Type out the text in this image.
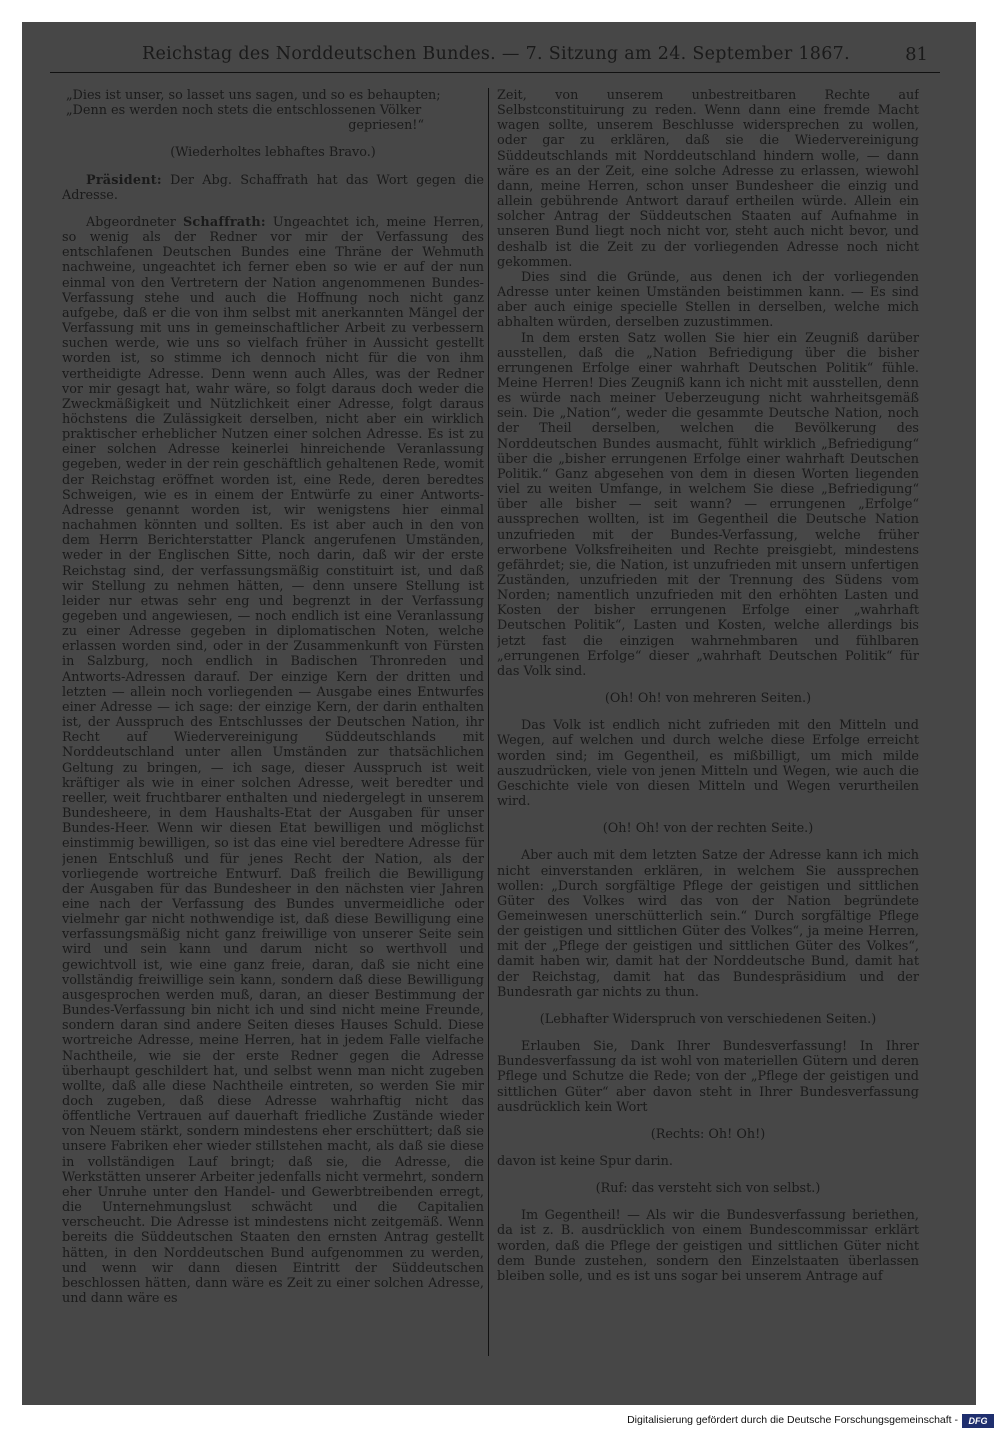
Reichstag des Norddeutschen Bundes. — 7. Sitzung am 24. September 1867.	81

„Dies ist unser, so lasset uns sagen, und so es behaupten;

„Denn es werden noch stets die entschlossenen Völker

gepriesen!“

(Wiederholtes lebhaftes Bravo.)

Präsident: Der Abg. Schaffrath hat das Wort gegen die Adresse.

Abgeordneter Schaffrath: Ungeachtet ich, meine Herren, so wenig als der Redner vor mir der Verfassung des entschlafenen Deutschen Bundes eine Thräne der Wehmuth nachweine, ungeachtet ich ferner eben so wie er auf der nun einmal von den Vertretern der Nation angenommenen Bundes-Verfassung stehe und auch die Hoffnung noch nicht ganz aufgebe, daß er die von ihm selbst mit anerkannten Mängel der Verfassung mit uns in gemeinschaftlicher Arbeit zu verbessern suchen werde, wie uns so vielfach früher in Aussicht gestellt worden ist, so stimme ich dennoch nicht für die von ihm vertheidigte Adresse. Denn wenn auch Alles, was der Redner vor mir gesagt hat, wahr wäre, so folgt daraus doch weder die Zweckmäßigkeit und Nützlichkeit einer Adresse, folgt daraus höchstens die Zulässigkeit derselben, nicht aber ein wirklich praktischer erheblicher Nutzen einer solchen Adresse. Es ist zu einer solchen Adresse keinerlei hinreichende Veranlassung gegeben, weder in der rein geschäftlich gehaltenen Rede, womit der Reichstag eröffnet worden ist, eine Rede, deren beredtes Schweigen, wie es in einem der Entwürfe zu einer Antworts-Adresse genannt worden ist, wir wenigstens hier einmal nachahmen könnten und sollten. Es ist aber auch in den von dem Herrn Berichterstatter Planck angerufenen Umständen, weder in der Englischen Sitte, noch darin, daß wir der erste Reichstag sind, der verfassungsmäßig constituirt ist, und daß wir Stellung zu nehmen hätten, — denn unsere Stellung ist leider nur etwas sehr eng und begrenzt in der Verfassung gegeben und angewiesen, — noch endlich ist eine Veranlassung zu einer Adresse gegeben in diplomatischen Noten, welche erlassen worden sind, oder in der Zusammenkunft von Fürsten in Salzburg, noch endlich in Badischen Thronreden und Antworts-Adressen darauf. Der einzige Kern der dritten und letzten — allein noch vorliegenden — Ausgabe eines Entwurfes einer Adresse — ich sage: der einzige Kern, der darin enthalten ist, der Ausspruch des Entschlusses der Deutschen Nation, ihr Recht auf Wiedervereinigung Süddeutschlands mit Norddeutschland unter allen Umständen zur thatsächlichen Geltung zu bringen, — ich sage, dieser Ausspruch ist weit kräftiger als wie in einer solchen Adresse, weit beredter und reeller, weit fruchtbarer enthalten und niedergelegt in unserem Bundesheere, in dem Haushalts-Etat der Ausgaben für unser Bundes-Heer. Wenn wir diesen Etat bewilligen und möglichst einstimmig bewilligen, so ist das eine viel beredtere Adresse für jenen Entschluß und für jenes Recht der Nation, als der vorliegende wortreiche Entwurf. Daß freilich die Bewilligung der Ausgaben für das Bundesheer in den nächsten vier Jahren eine nach der Verfassung des Bundes unvermeidliche oder vielmehr gar nicht nothwendige ist, daß diese Bewilligung eine verfassungsmäßig nicht ganz freiwillige von unserer Seite sein wird und sein kann und darum nicht so werthvoll und gewichtvoll ist, wie eine ganz freie, daran, daß sie nicht eine vollständig freiwillige sein kann, sondern daß diese Bewilligung ausgesprochen werden muß, daran, an dieser Bestimmung der Bundes-Verfassung bin nicht ich und sind nicht meine Freunde, sondern daran sind andere Seiten dieses Hauses Schuld. Diese wortreiche Adresse, meine Herren, hat in jedem Falle vielfache Nachtheile, wie sie der erste Redner gegen die Adresse überhaupt geschildert hat, und selbst wenn man nicht zugeben wollte, daß alle diese Nachtheile eintreten, so werden Sie mir doch zugeben, daß diese Adresse wahrhaftig nicht das öffentliche Vertrauen auf dauerhaft friedliche Zustände wieder von Neuem stärkt, sondern mindestens eher erschüttert; daß sie unsere Fabriken eher wieder stillstehen macht, als daß sie diese in vollständigen Lauf bringt; daß sie, die Adresse, die Werkstätten unserer Arbeiter jedenfalls nicht vermehrt, sondern eher Unruhe unter den Handel- und Gewerbtreibenden erregt, die Unternehmungslust schwächt und die Capitalien verscheucht. Die Adresse ist mindestens nicht zeitgemäß. Wenn bereits die Süddeutschen Staaten den ernsten Antrag gestellt hätten, in den Norddeutschen Bund aufgenommen zu werden, und wenn wir dann diesen Eintritt der Süddeutschen beschlossen hätten, dann wäre es Zeit zu einer solchen Adresse, und dann wäre es

Zeit, von unserem unbestreitbaren Rechte auf Selbstconstituirung zu reden. Wenn dann eine fremde Macht wagen sollte, unserem Beschlusse widersprechen zu wollen, oder gar zu erklären, daß sie die Wiedervereinigung Süddeutschlands mit Norddeutschland hindern wolle, — dann wäre es an der Zeit, eine solche Adresse zu erlassen, wiewohl dann, meine Herren, schon unser Bundesheer die einzig und allein gebührende Antwort darauf ertheilen würde. Allein ein solcher Antrag der Süddeutschen Staaten auf Aufnahme in unseren Bund liegt noch nicht vor, steht auch nicht bevor, und deshalb ist die Zeit zu der vorliegenden Adresse noch nicht gekommen.

Dies sind die Gründe, aus denen ich der vorliegenden Adresse unter keinen Umständen beistimmen kann. — Es sind aber auch einige specielle Stellen in derselben, welche mich abhalten würden, derselben zuzustimmen.

In dem ersten Satz wollen Sie hier ein Zeugniß darüber ausstellen, daß die „Nation Befriedigung über die bisher errungenen Erfolge einer wahrhaft Deutschen Politik“ fühle. Meine Herren! Dies Zeugniß kann ich nicht mit ausstellen, denn es würde nach meiner Ueberzeugung nicht wahrheitsgemäß sein. Die „Nation“, weder die gesammte Deutsche Nation, noch der Theil derselben, welchen die Bevölkerung des Norddeutschen Bundes ausmacht, fühlt wirklich „Befriedigung“ über die „bisher errungenen Erfolge einer wahrhaft Deutschen Politik.“ Ganz abgesehen von dem in diesen Worten liegenden viel zu weiten Umfange, in welchem Sie diese „Befriedigung“ über alle bisher — seit wann? — errungenen „Erfolge“ aussprechen wollten, ist im Gegentheil die Deutsche Nation unzufrieden mit der Bundes-Verfassung, welche früher erworbene Volksfreiheiten und Rechte preisgiebt, mindestens gefährdet; sie, die Nation, ist unzufrieden mit unsern unfertigen Zuständen, unzufrieden mit der Trennung des Südens vom Norden; namentlich unzufrieden mit den erhöhten Lasten und Kosten der bisher errungenen Erfolge einer „wahrhaft Deutschen Politik“, Lasten und Kosten, welche allerdings bis jetzt fast die einzigen wahrnehmbaren und fühlbaren „errungenen Erfolge“ dieser „wahrhaft Deutschen Politik“ für das Volk sind.

(Oh! Oh! von mehreren Seiten.)

Das Volk ist endlich nicht zufrieden mit den Mitteln und Wegen, auf welchen und durch welche diese Erfolge erreicht worden sind; im Gegentheil, es mißbilligt, um mich milde auszudrücken, viele von jenen Mitteln und Wegen, wie auch die Geschichte viele von diesen Mitteln und Wegen verurtheilen wird.

(Oh! Oh! von der rechten Seite.)

Aber auch mit dem letzten Satze der Adresse kann ich mich nicht einverstanden erklären, in welchem Sie aussprechen wollen: „Durch sorgfältige Pflege der geistigen und sittlichen Güter des Volkes wird das von der Nation begründete Gemeinwesen unerschütterlich sein.“ Durch sorgfältige Pflege der geistigen und sittlichen Güter des Volkes“, ja meine Herren, mit der „Pflege der geistigen und sittlichen Güter des Volkes“, damit haben wir, damit hat der Norddeutsche Bund, damit hat der Reichstag, damit hat das Bundespräsidium und der Bundesrath gar nichts zu thun.

(Lebhafter Widerspruch von verschiedenen Seiten.)

Erlauben Sie, Dank Ihrer Bundesverfassung! In Ihrer Bundesverfassung da ist wohl von materiellen Gütern und deren Pflege und Schutze die Rede; von der „Pflege der geistigen und sittlichen Güter“ aber davon steht in Ihrer Bundesverfassung ausdrücklich kein Wort

(Rechts: Oh! Oh!)

davon ist keine Spur darin.

(Ruf: das versteht sich von selbst.)

Im Gegentheil! — Als wir die Bundesverfassung beriethen, da ist z. B. ausdrücklich von einem Bundescommissar erklärt worden, daß die Pflege der geistigen und sittlichen Güter nicht dem Bunde zustehen, sondern den Einzelstaaten überlassen bleiben solle, und es ist uns sogar bei unserem Antrage auf

Digitalisierung gefördert durch die Deutsche Forschungsgemeinschaft -	DFG
